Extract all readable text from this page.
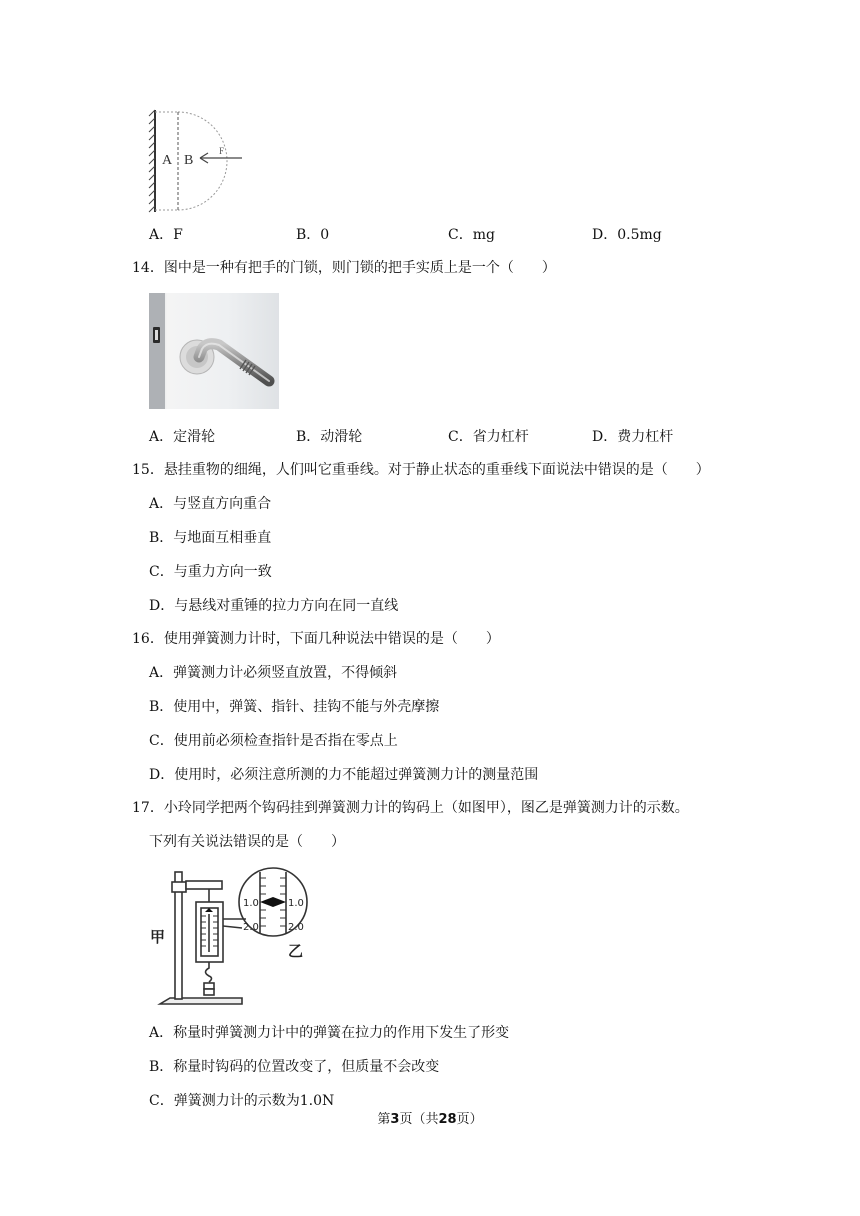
A B
F
A．F	B．0	C．mg	D．0.5mg
14．图中是一种有把手的门锁，则门锁的把手实质上是一个（　　）
A．定滑轮	B．动滑轮	C．省力杠杆	D．费力杠杆
15．悬挂重物的细绳，人们叫它重垂线。对于静止状态的重垂线下面说法中错误的是（　　）
A．与竖直方向重合
B．与地面互相垂直
C．与重力方向一致
D．与悬线对重锤的拉力方向在同一直线
16．使用弹簧测力计时，下面几种说法中错误的是（　　）
A．弹簧测力计必须竖直放置，不得倾斜
B．使用中，弹簧、指针、挂钩不能与外壳摩擦
C．使用前必须检查指针是否指在零点上
D．使用时，必须注意所测的力不能超过弹簧测力计的测量范围
17．小玲同学把两个钩码挂到弹簧测力计的钩码上（如图甲），图乙是弹簧测力计的示数。
下列有关说法错误的是（　　）
甲
乙
1.0	1.0
2.0	2.0
A．称量时弹簧测力计中的弹簧在拉力的作用下发生了形变
B．称量时钩码的位置改变了，但质量不会改变
C．弹簧测力计的示数为1.0N
第3页（共28页）
